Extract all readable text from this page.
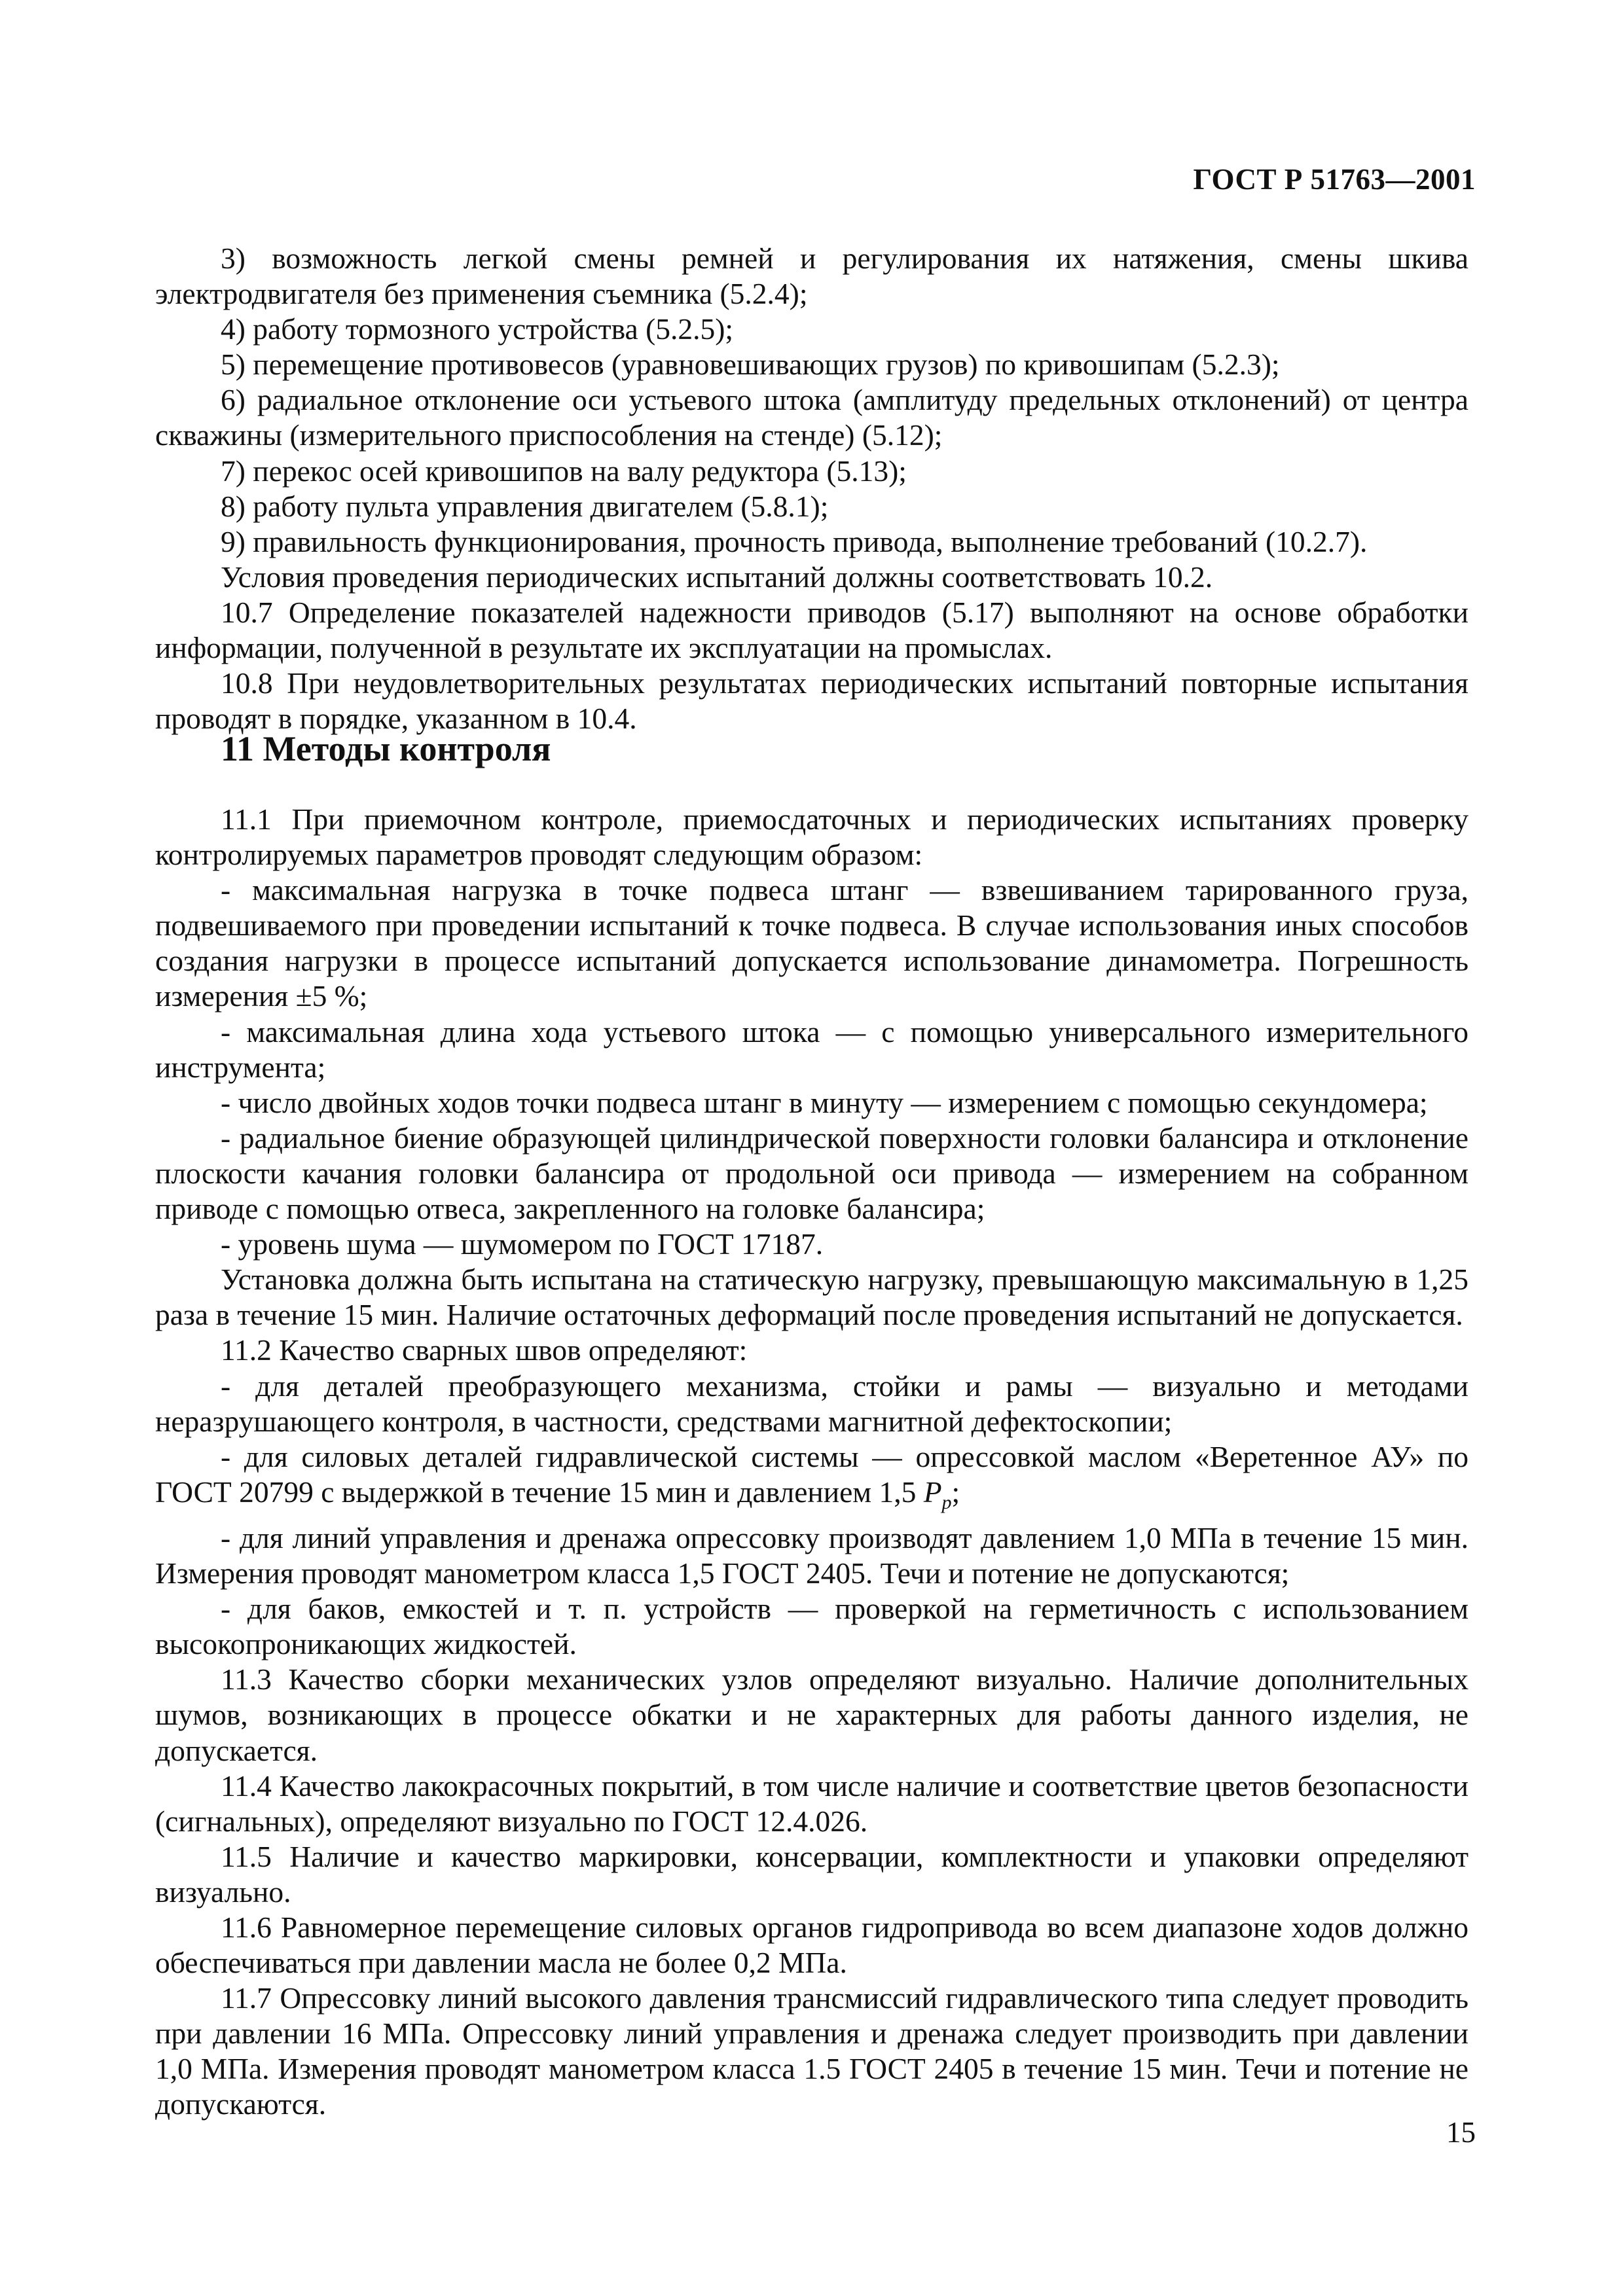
ГОСТ Р 51763—2001

3) возможность легкой смены ремней и регулирования их натяжения, смены шкива электродвигателя без применения съемника (5.2.4);

4) работу тормозного устройства (5.2.5);

5) перемещение противовесов (уравновешивающих грузов) по кривошипам (5.2.3);

6) радиальное отклонение оси устьевого штока (амплитуду предельных отклонений) от центра скважины (измерительного приспособления на стенде) (5.12);

7) перекос осей кривошипов на валу редуктора (5.13);

8) работу пульта управления двигателем (5.8.1);

9) правильность функционирования, прочность привода, выполнение требований (10.2.7).

Условия проведения периодических испытаний должны соответствовать 10.2.

10.7 Определение показателей надежности приводов (5.17) выполняют на основе обработки информации, полученной в результате их эксплуатации на промыслах.

10.8 При неудовлетворительных результатах периодических испытаний повторные испытания проводят в порядке, указанном в 10.4.

11 Методы контроля

11.1 При приемочном контроле, приемосдаточных и периодических испытаниях проверку контролируемых параметров проводят следующим образом:

- максимальная нагрузка в точке подвеса штанг — взвешиванием тарированного груза, подвешиваемого при проведении испытаний к точке подвеса. В случае использования иных способов создания нагрузки в процессе испытаний допускается использование динамометра. Погрешность измерения ±5 %;

- максимальная длина хода устьевого штока — с помощью универсального измерительного инструмента;

- число двойных ходов точки подвеса штанг в минуту — измерением с помощью секундомера;

- радиальное биение образующей цилиндрической поверхности головки балансира и отклонение плоскости качания головки балансира от продольной оси привода — измерением на собранном приводе с помощью отвеса, закрепленного на головке балансира;

- уровень шума — шумомером по ГОСТ 17187.

Установка должна быть испытана на статическую нагрузку, превышающую максимальную в 1,25 раза в течение 15 мин. Наличие остаточных деформаций после проведения испытаний не допускается.

11.2 Качество сварных швов определяют:

- для деталей преобразующего механизма, стойки и рамы — визуально и методами неразрушающего контроля, в частности, средствами магнитной дефектоскопии;

- для силовых деталей гидравлической системы — опрессовкой маслом «Веретенное АУ» по ГОСТ 20799 с выдержкой в течение 15 мин и давлением 1,5 $P_р$;

- для линий управления и дренажа опрессовку производят давлением 1,0 МПа в течение 15 мин. Измерения проводят манометром класса 1,5 ГОСТ 2405. Течи и потение не допускаются;

- для баков, емкостей и т. п. устройств — проверкой на герметичность с использованием высокопроникающих жидкостей.

11.3 Качество сборки механических узлов определяют визуально. Наличие дополнительных шумов, возникающих в процессе обкатки и не характерных для работы данного изделия, не допускается.

11.4 Качество лакокрасочных покрытий, в том числе наличие и соответствие цветов безопасности (сигнальных), определяют визуально по ГОСТ 12.4.026.

11.5 Наличие и качество маркировки, консервации, комплектности и упаковки определяют визуально.

11.6 Равномерное перемещение силовых органов гидропривода во всем диапазоне ходов должно обеспечиваться при давлении масла не более 0,2 МПа.

11.7 Опрессовку линий высокого давления трансмиссий гидравлического типа следует проводить при давлении 16 МПа. Опрессовку линий управления и дренажа следует производить при давлении 1,0 МПа. Измерения проводят манометром класса 1.5 ГОСТ 2405 в течение 15 мин. Течи и потение не допускаются.

15
